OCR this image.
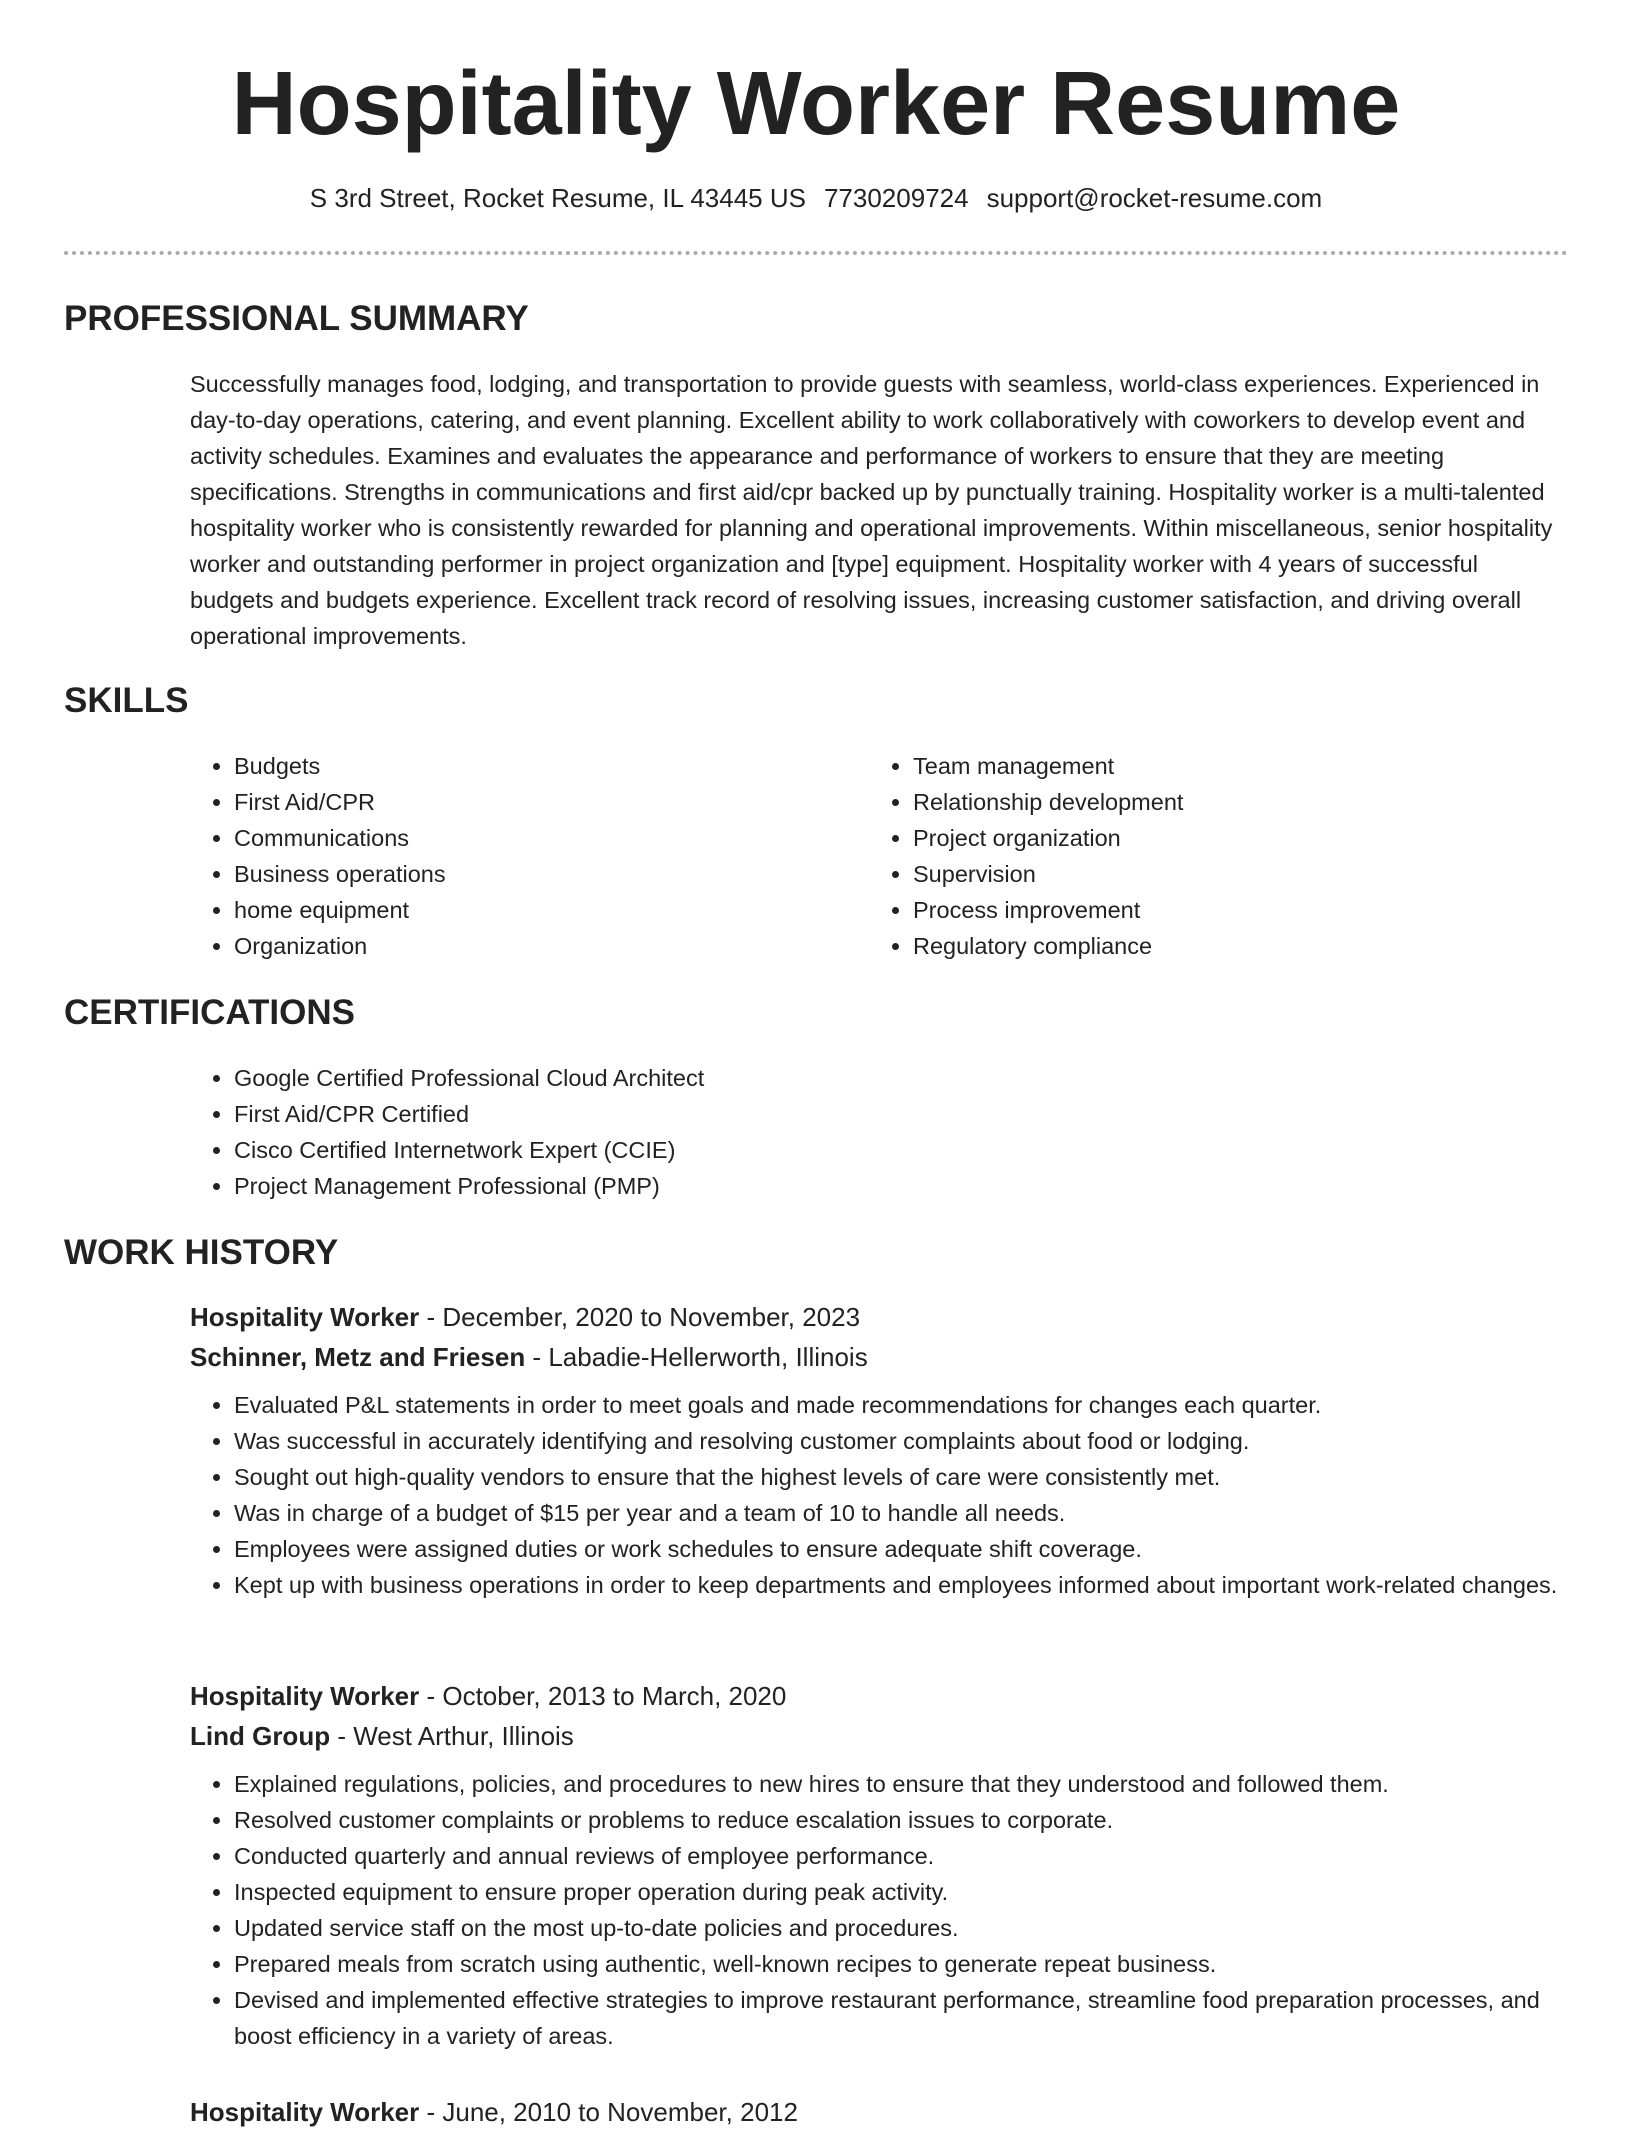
Hospitality Worker Resume
S 3rd Street, Rocket Resume, IL 43445 US 7730209724 support@rocket-resume.com
PROFESSIONAL SUMMARY

Successfully manages food, lodging, and transportation to provide guests with seamless, world-class experiences. Experienced in day-to-day operations, catering, and event planning. Excellent ability to work collaboratively with coworkers to develop event and activity schedules. Examines and evaluates the appearance and performance of workers to ensure that they are meeting specifications. Strengths in communications and first aid/cpr backed up by punctually training. Hospitality worker is a multi-talented hospitality worker who is consistently rewarded for planning and operational improvements. Within miscellaneous, senior hospitality worker and outstanding performer in project organization and [type] equipment. Hospitality worker with 4 years of successful budgets and budgets experience. Excellent track record of resolving issues, increasing customer satisfaction, and driving overall operational improvements.

SKILLS
• Budgets
• First Aid/CPR
• Communications
• Business operations
• home equipment
• Organization
• Team management
• Relationship development
• Project organization
• Supervision
• Process improvement
• Regulatory compliance
CERTIFICATIONS
• Google Certified Professional Cloud Architect
• First Aid/CPR Certified
• Cisco Certified Internetwork Expert (CCIE)
• Project Management Professional (PMP)
WORK HISTORY
Hospitality Worker - December, 2020 to November, 2023
Schinner, Metz and Friesen - Labadie-Hellerworth, Illinois
• Evaluated P&L statements in order to meet goals and made recommendations for changes each quarter.
• Was successful in accurately identifying and resolving customer complaints about food or lodging.
• Sought out high-quality vendors to ensure that the highest levels of care were consistently met.
• Was in charge of a budget of $15 per year and a team of 10 to handle all needs.
• Employees were assigned duties or work schedules to ensure adequate shift coverage.
• Kept up with business operations in order to keep departments and employees informed about important work-related changes.
Hospitality Worker - October, 2013 to March, 2020
Lind Group - West Arthur, Illinois
• Explained regulations, policies, and procedures to new hires to ensure that they understood and followed them.
• Resolved customer complaints or problems to reduce escalation issues to corporate.
• Conducted quarterly and annual reviews of employee performance.
• Inspected equipment to ensure proper operation during peak activity.
• Updated service staff on the most up-to-date policies and procedures.
• Prepared meals from scratch using authentic, well-known recipes to generate repeat business.
• Devised and implemented effective strategies to improve restaurant performance, streamline food preparation processes, and boost efficiency in a variety of areas.
Hospitality Worker - June, 2010 to November, 2012
